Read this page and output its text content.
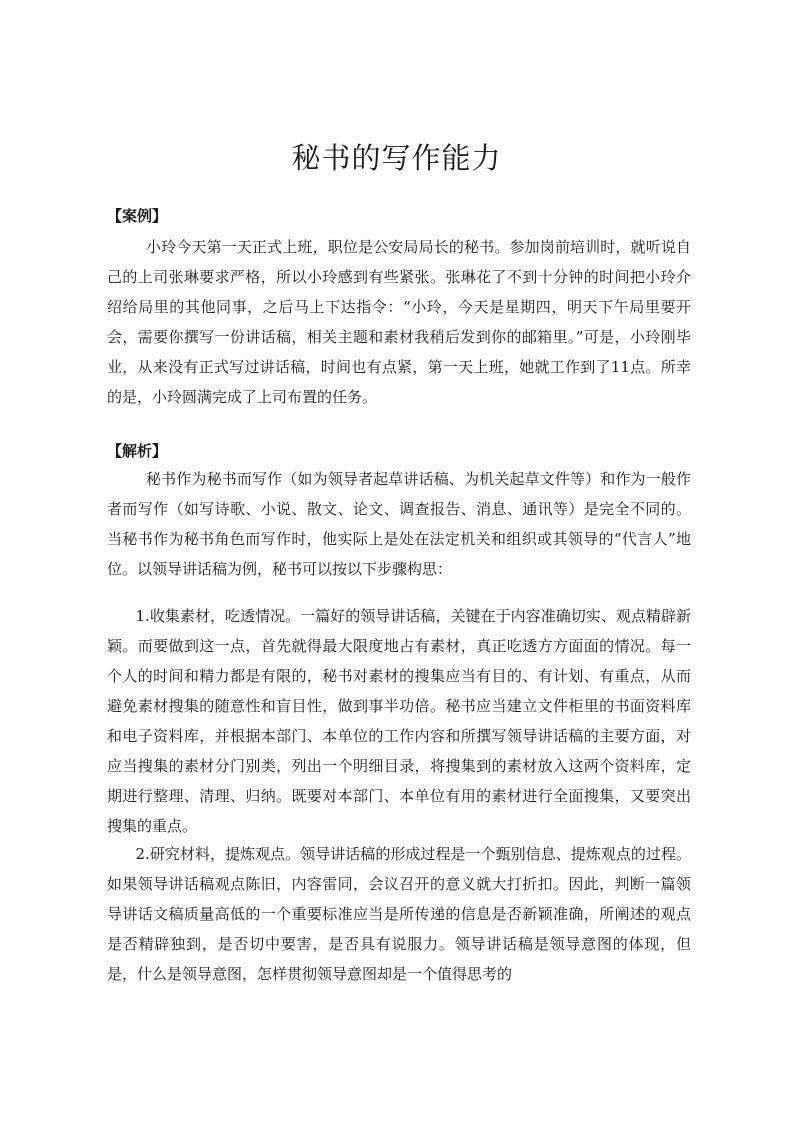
秘书的写作能力
【案例】

小玲今天第一天正式上班，职位是公安局局长的秘书。参加岗前培训时，就听说自己的上司张琳要求严格，所以小玲感到有些紧张。张琳花了不到十分钟的时间把小玲介绍给局里的其他同事，之后马上下达指令：“小玲，今天是星期四，明天下午局里要开会，需要你撰写一份讲话稿，相关主题和素材我稍后发到你的邮箱里。”可是，小玲刚毕业，从来没有正式写过讲话稿，时间也有点紧，第一天上班，她就工作到了11点。所幸的是，小玲圆满完成了上司布置的任务。

【解析】

秘书作为秘书而写作（如为领导者起草讲话稿、为机关起草文件等）和作为一般作者而写作（如写诗歌、小说、散文、论文、调查报告、消息、通讯等）是完全不同的。当秘书作为秘书角色而写作时，他实际上是处在法定机关和组织或其领导的“代言人”地位。以领导讲话稿为例，秘书可以按以下步骤构思：

1.收集素材，吃透情况。一篇好的领导讲话稿，关键在于内容准确切实、观点精辟新颖。而要做到这一点，首先就得最大限度地占有素材，真正吃透方方面面的情况。每一个人的时间和精力都是有限的，秘书对素材的搜集应当有目的、有计划、有重点，从而避免素材搜集的随意性和盲目性，做到事半功倍。秘书应当建立文件柜里的书面资料库和电子资料库，并根据本部门、本单位的工作内容和所撰写领导讲话稿的主要方面，对应当搜集的素材分门别类，列出一个明细目录，将搜集到的素材放入这两个资料库，定期进行整理、清理、归纳。既要对本部门、本单位有用的素材进行全面搜集，又要突出搜集的重点。

2.研究材料，提炼观点。领导讲话稿的形成过程是一个甄别信息、提炼观点的过程。如果领导讲话稿观点陈旧，内容雷同，会议召开的意义就大打折扣。因此，判断一篇领导讲话文稿质量高低的一个重要标准应当是所传递的信息是否新颖准确，所阐述的观点是否精辟独到，是否切中要害，是否具有说服力。领导讲话稿是领导意图的体现，但是，什么是领导意图，怎样贯彻领导意图却是一个值得思考的
